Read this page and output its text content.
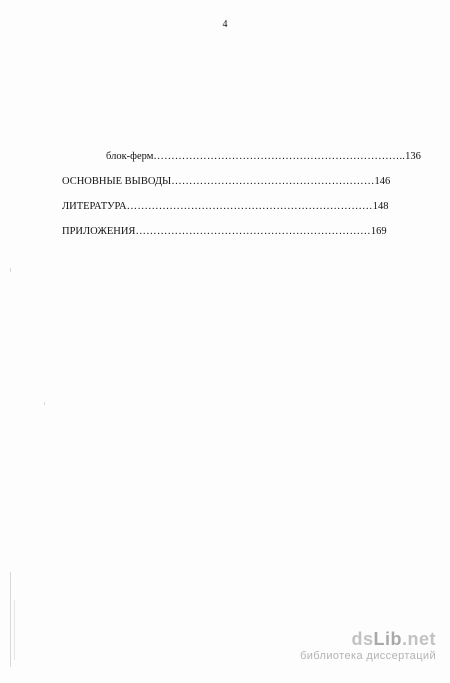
4
блок-ферм……………………………………………………………..136
ОСНОВНЫЕ ВЫВОДЫ…………………………………………………146
ЛИТЕРАТУРА……………………………………………………………148
ПРИЛОЖЕНИЯ…………………………………………………………169
dsLib.net
библиотека диссертаций
